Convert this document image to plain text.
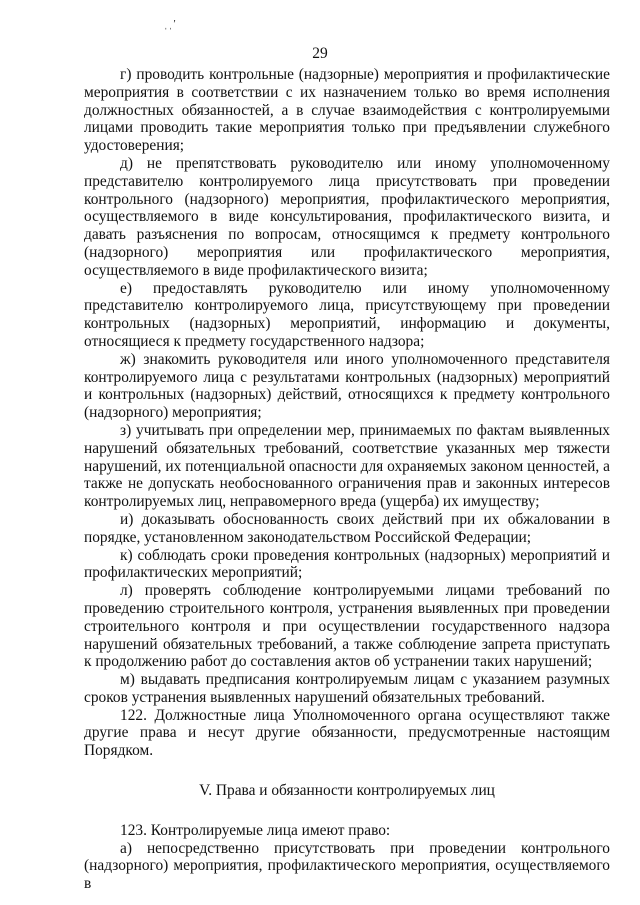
ˌˌ′
29

г) проводить контрольные (надзорные) мероприятия и профилактические мероприятия в соответствии с их назначением только во время исполнения должностных обязанностей, а в случае взаимодействия с контролируемыми лицами проводить такие мероприятия только при предъявлении служебного удостоверения;

д) не препятствовать руководителю или иному уполномоченному представителю контролируемого лица присутствовать при проведении контрольного (надзорного) мероприятия, профилактического мероприятия, осуществляемого в виде консультирования, профилактического визита, и давать разъяснения по вопросам, относящимся к предмету контрольного (надзорного) мероприятия или профилактического мероприятия, осуществляемого в виде профилактического визита;

е) предоставлять руководителю или иному уполномоченному представителю контролируемого лица, присутствующему при проведении контрольных (надзорных) мероприятий, информацию и документы, относящиеся к предмету государственного надзора;

ж) знакомить руководителя или иного уполномоченного представителя контролируемого лица с результатами контрольных (надзорных) мероприятий и контрольных (надзорных) действий, относящихся к предмету контрольного (надзорного) мероприятия;

з) учитывать при определении мер, принимаемых по фактам выявленных нарушений обязательных требований, соответствие указанных мер тяжести нарушений, их потенциальной опасности для охраняемых законом ценностей, а также не допускать необоснованного ограничения прав и законных интересов контролируемых лиц, неправомерного вреда (ущерба) их имуществу;

и) доказывать обоснованность своих действий при их обжаловании в порядке, установленном законодательством Российской Федерации;

к) соблюдать сроки проведения контрольных (надзорных) мероприятий и профилактических мероприятий;

л) проверять соблюдение контролируемыми лицами требований по проведению строительного контроля, устранения выявленных при проведении строительного контроля и при осуществлении государственного надзора нарушений обязательных требований, а также соблюдение запрета приступать к продолжению работ до составления актов об устранении таких нарушений;

м) выдавать предписания контролируемым лицам с указанием разумных сроков устранения выявленных нарушений обязательных требований.

122. Должностные лица Уполномоченного органа осуществляют также другие права и несут другие обязанности, предусмотренные настоящим Порядком.

V. Права и обязанности контролируемых лиц

123. Контролируемые лица имеют право:

а) непосредственно присутствовать при проведении контрольного (надзорного) мероприятия, профилактического мероприятия, осуществляемого в
